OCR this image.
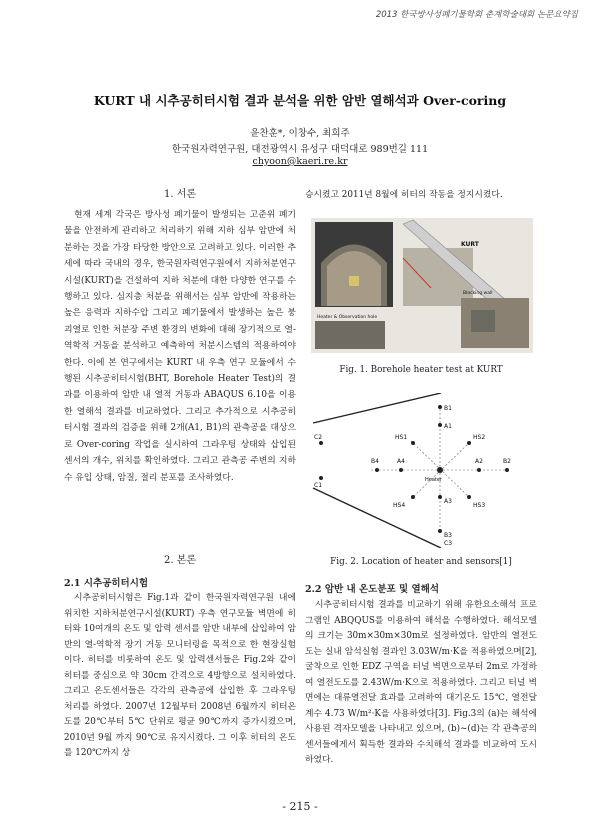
2013 한국방사성폐기물학회 춘계학술대회 논문요약집
KURT 내 시추공히터시험 결과 분석을 위한 암반 열해석과 Over-coring
윤찬훈*, 이창수, 최희주
한국원자력연구원, 대전광역시 유성구 대덕대로 989번길 111
chyoon@kaeri.re.kr
1. 서론

현재 세계 각국은 방사성 폐기물이 발생되는 고준위 폐기물을 안전하게 관리하고 처리하기 위해 지하 심부 암반에 처분하는 것을 가장 타당한 방안으로 고려하고 있다. 이러한 추세에 따라 국내의 경우, 한국원자력연구원에서 지하처분연구시설(KURT)을 건설하여 지하 처분에 대한 다양한 연구를 수행하고 있다. 심지층 처분을 위해서는 심부 암반에 작용하는 높은 응력과 지하수압 그리고 폐기물에서 발생하는 높은 붕괴열로 인한 처분장 주변 환경의 변화에 대해 장기적으로 열-역학적 거동을 분석하고 예측하여 처분시스템의 적용하여야 한다. 이에 본 연구에서는 KURT 내 우측 연구 모듈에서 수행된 시추공히터시험(BHT, Borehole Heater Test)의 결과를 이용하여 암반 내 열적 거동과 ABAQUS 6.10을 이용한 열해석 결과를 비교하였다. 그리고 추가적으로 시추공히터시험 결과의 검증을 위해 2개(A1, B1)의 관측공을 대상으로 Over-coring 작업을 실시하여 그라우팅 상태와 삽입된 센서의 개수, 위치를 확인하였다. 그리고 관측공 주변의 지하수 유입 상태, 암질, 절리 분포를 조사하였다.

2. 본론
2.1 시추공히터시험

시추공히터시험은 Fig.1과 같이 한국원자력연구원 내에 위치한 지하처분연구시설(KURT) 우측 연구모듈 벽면에 히터와 10여개의 온도 및 압력 센서를 암반 내부에 삽입하여 암반의 열-역학적 장기 거동 모니터링을 목적으로 한 현장실험이다. 히터를 비롯하여 온도 및 압력센서들은 Fig.2와 같이 히터를 중심으로 약 30cm 간격으로 4방향으로 설치하였다. 그리고 온도센서들은 각각의 관측공에 삽입한 후 그라우팅 처리를 하였다. 2007년 12월부터 2008년 6월까지 히터온도를 20℃부터 5℃ 단위로 평균 90℃까지 증가시켰으며, 2010년 9월 까지 90℃로 유지시켰다. 그 이후 히터의 온도를 120℃까지 상

승시켰고 2011년 8월에 히터의 작동을 정지시켰다.

Heater & Observation hole
KURT
Blocking wall
Fig. 1. Borehole heater test at KURT
B1
A1
HS1	HS2
B4	A4	A2	B2
HS4
A3
HS3
B3
C1
C2
C3
Heater
Fig. 2. Location of heater and sensors[1]
2.2 암반 내 온도분포 및 열해석

시추공히터시험 결과를 비교하기 위해 유한요소해석 프로그램인 ABQQUS를 이용하여 해석을 수행하였다. 해석모델의 크기는 30m×30m×30m로 설정하였다. 암반의 열전도도는 실내 암석실험 결과인 3.03W/m·K을 적용하였으며[2], 굴착으로 인한 EDZ 구역을 터널 벽면으로부터 2m로 가정하여 열전도도를 2.43W/m·K으로 적용하였다. 그리고 터널 벽면에는 대류열전달 효과를 고려하여 대기온도 15℃, 열전달계수 4.73 W/m²·K을 사용하였다[3]. Fig.3의 (a)는 해석에 사용된 격자모델을 나타내고 있으며, (b)~(d)는 각 관측공의 센서들에게서 획득한 결과와 수치해석 결과를 비교하여 도시하였다.

- 215 -
